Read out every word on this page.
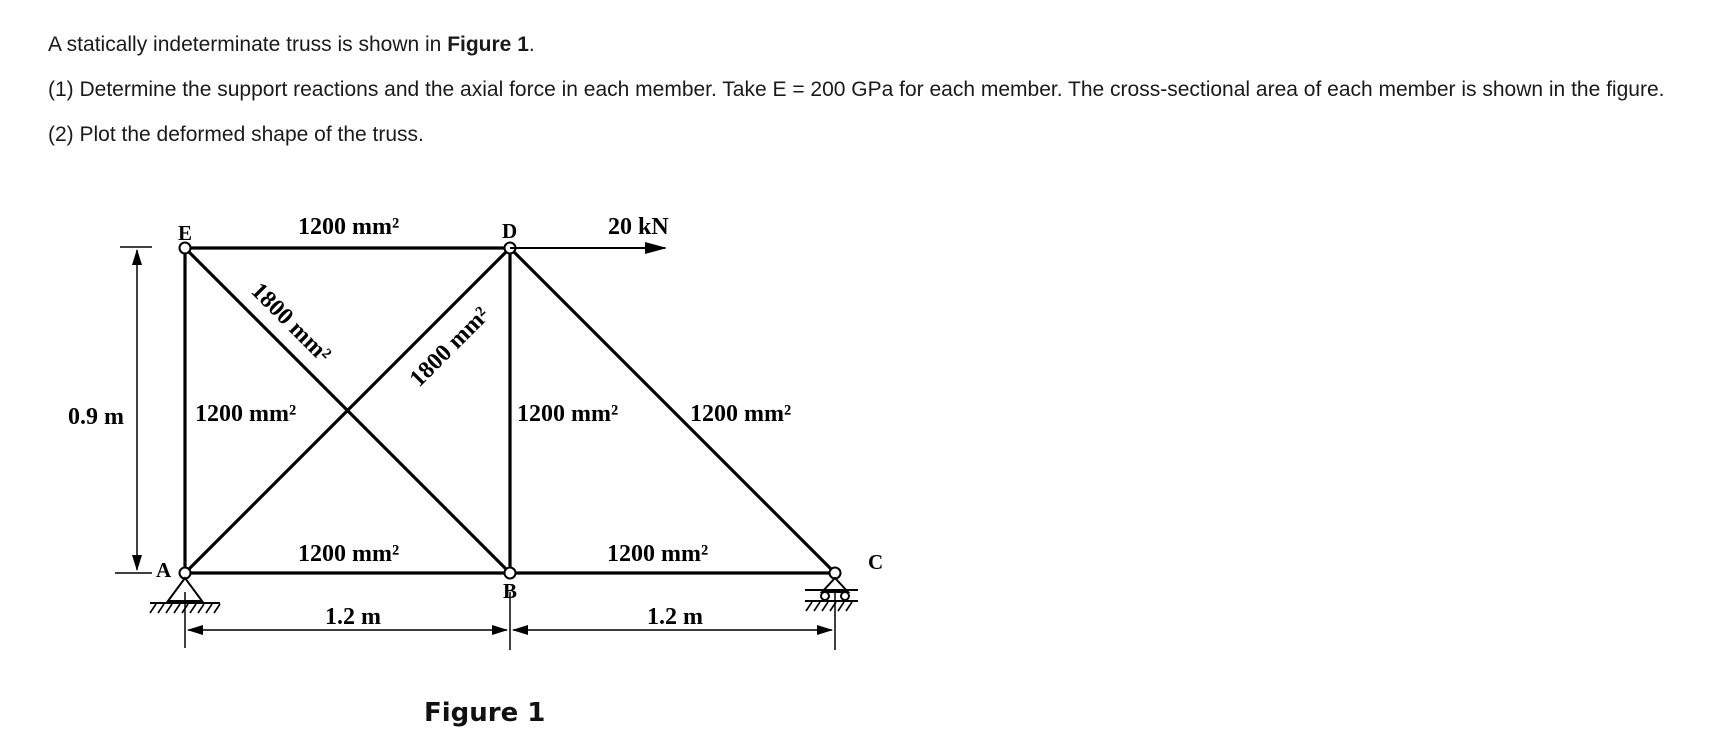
A statically indeterminate truss is shown in Figure 1.

(1) Determine the support reactions and the axial force in each member. Take E = 200 GPa for each member. The cross-sectional area of each member is shown in the figure.

(2) Plot the deformed shape of the truss.

E	D
A
B
C
1200 mm²
1200 mm²	1200 mm²	1200 mm²
1200 mm²	1200 mm²
1800 mm²	1800 mm²
20 kN
0.9 m
1.2 m	1.2 m
Figure 1
